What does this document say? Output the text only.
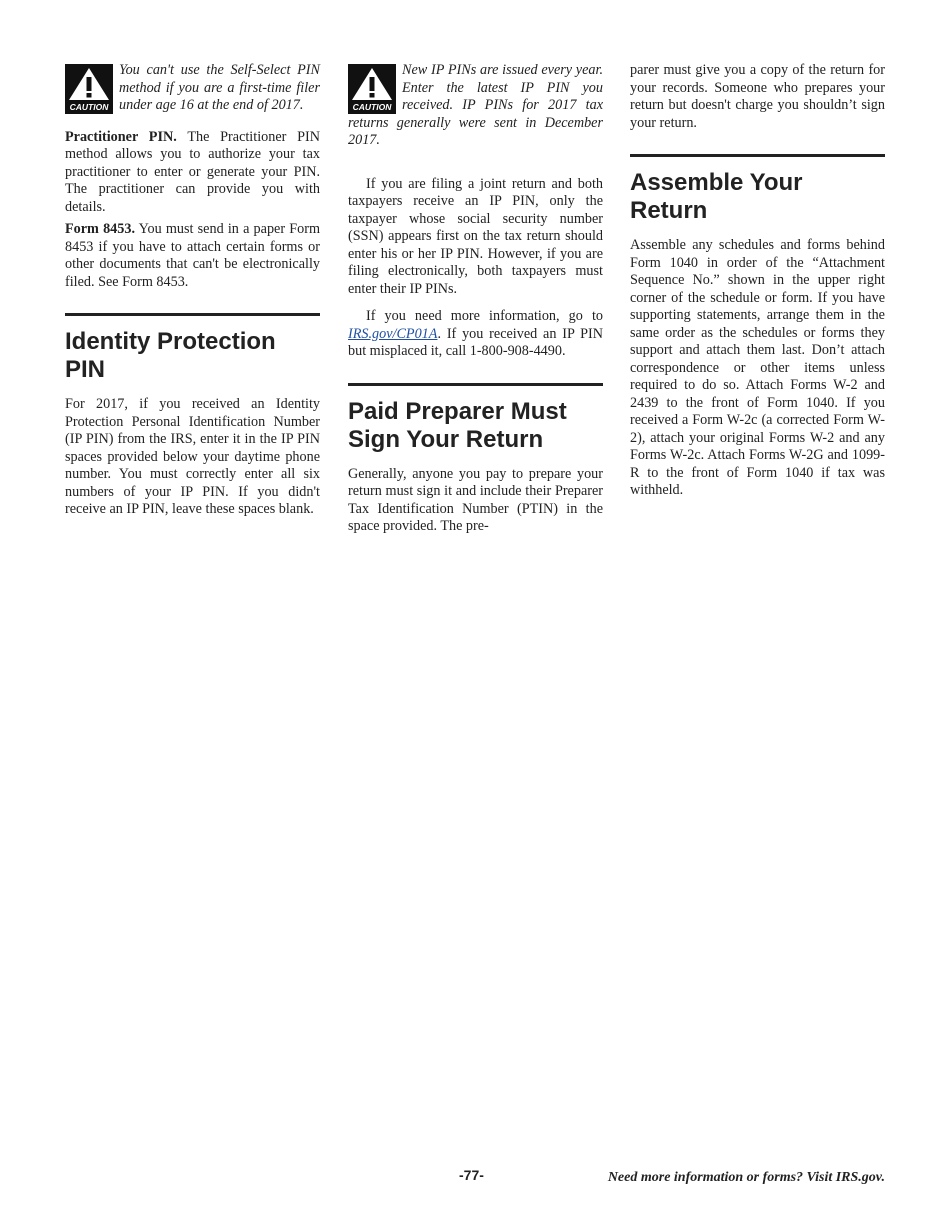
CAUTION
You can't use the Self-Select PIN method if you are a first-time filer under age 16 at the end of 2017.

Practitioner PIN. The Practitioner PIN method allows you to authorize your tax practitioner to enter or generate your PIN. The practitioner can provide you with details.

Form 8453. You must send in a paper Form 8453 if you have to attach certain forms or other documents that can't be electronically filed. See Form 8453.

Identity Protection PIN

For 2017, if you received an Identity Protection Personal Identification Number (IP PIN) from the IRS, enter it in the IP PIN spaces provided below your daytime phone number. You must correctly enter all six numbers of your IP PIN. If you didn't receive an IP PIN, leave these spaces blank.

CAUTION
New IP PINs are issued every year. Enter the latest IP PIN you received. IP PINs for 2017 tax returns generally were sent in December 2017.

If you are filing a joint return and both taxpayers receive an IP PIN, only the taxpayer whose social security number (SSN) appears first on the tax return should enter his or her IP PIN. However, if you are filing electronically, both taxpayers must enter their IP PINs.

If you need more information, go to IRS.gov/CP01A. If you received an IP PIN but misplaced it, call 1-800-908-4490.

Paid Preparer Must Sign Your Return

Generally, anyone you pay to prepare your return must sign it and include their Preparer Tax Identification Number (PTIN) in the space provided. The pre-

parer must give you a copy of the return for your records. Someone who prepares your return but doesn't charge you shouldn’t sign your return.

Assemble Your Return

Assemble any schedules and forms behind Form 1040 in order of the “Attachment Sequence No.” shown in the upper right corner of the schedule or form. If you have supporting statements, arrange them in the same order as the schedules or forms they support and attach them last. Don’t attach correspondence or other items unless required to do so. Attach Forms W-2 and 2439 to the front of Form 1040. If you received a Form W-2c (a corrected Form W-2), attach your original Forms W-2 and any Forms W-2c. Attach Forms W-2G and 1099-R to the front of Form 1040 if tax was withheld.

-77-	Need more information or forms? Visit IRS.gov.
